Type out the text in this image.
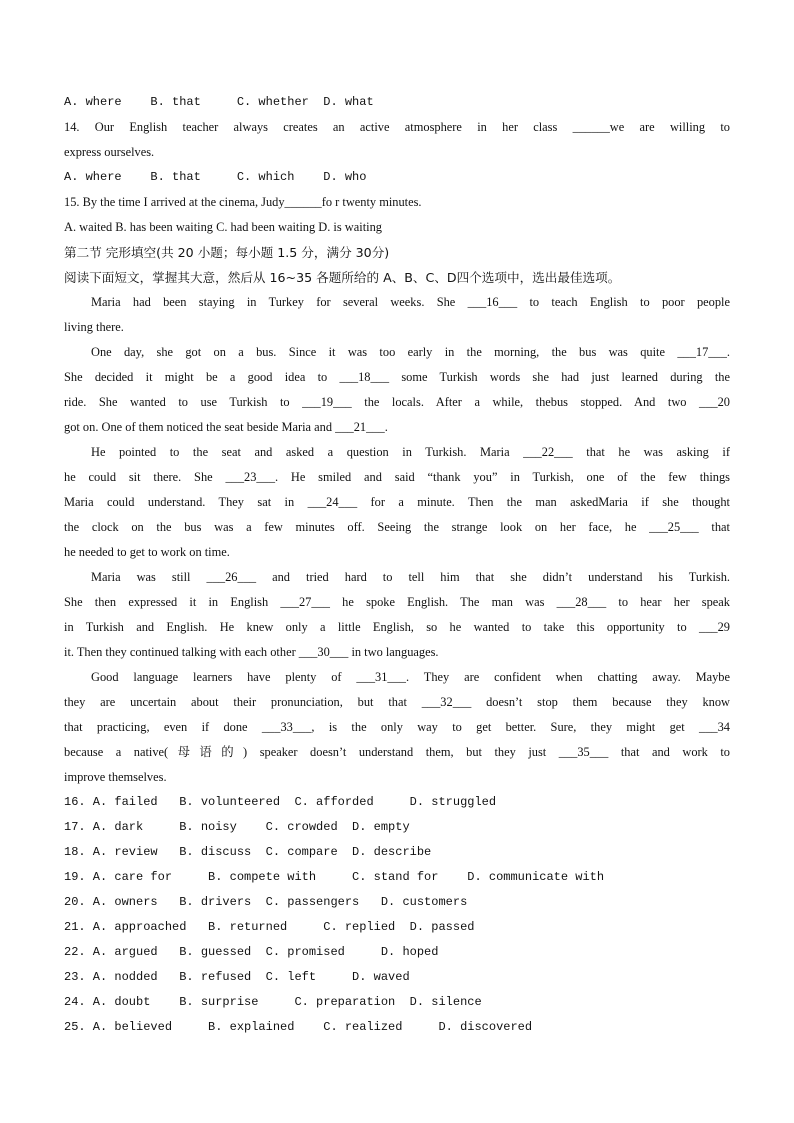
A. where    B. that     C. whether  D. what
14. Our English teacher always creates an active atmosphere in her class ______we are willing to
express ourselves.
A. where    B. that     C. which    D. who
15. By the time I arrived at the cinema, Judy______fo r twenty minutes.
A. waited B. has been waiting C. had been waiting D. is waiting
第二节 完形填空(共 20 小题；每小题 1.5 分，满分 30分)
阅读下面短文，掌握其大意，然后从 16~35 各题所给的 A、B、C、D四个选项中，选出最佳选项。
Maria had been staying in Turkey for several weeks. She ___16___ to teach English to poor people
living there.
One day, she got on a bus. Since it was too early in the morning, the bus was quite ___17___.
She decided it might be a good idea to ___18___ some Turkish words she had just learned during the
ride. She wanted to use Turkish to ___19___ the locals. After a while, thebus stopped. And two ___20
got on. One of them noticed the seat beside Maria and ___21___.
He pointed to the seat and asked a question in Turkish. Maria ___22___ that he was asking if
he could sit there. She ___23___. He smiled and said “thank you” in Turkish, one of the few things
Maria could understand. They sat in ___24___ for a minute. Then the man askedMaria if she thought
the clock on the bus was a few minutes off. Seeing the strange look on her face, he ___25___ that
he needed to get to work on time.
Maria was still ___26___ and tried hard to tell him that she didn’t understand his Turkish.
She then expressed it in English ___27___ he spoke English. The man was ___28___ to hear her speak
in Turkish and English. He knew only a little English, so he wanted to take this opportunity to ___29
it. Then they continued talking with each other ___30___ in two languages.
Good language learners have plenty of ___31___. They are confident when chatting away. Maybe
they are uncertain about their pronunciation, but that ___32___ doesn’t stop them because they know
that practicing, even if done ___33___, is the only way to get better. Sure, they might get ___34
because a native(母语的) speaker doesn’t understand them, but they just ___35___ that and work to
improve themselves.
16. A. failed   B. volunteered  C. afforded     D. struggled
17. A. dark     B. noisy    C. crowded  D. empty
18. A. review   B. discuss  C. compare  D. describe
19. A. care for     B. compete with     C. stand for    D. communicate with
20. A. owners   B. drivers  C. passengers   D. customers
21. A. approached   B. returned     C. replied  D. passed
22. A. argued   B. guessed  C. promised     D. hoped
23. A. nodded   B. refused  C. left     D. waved
24. A. doubt    B. surprise     C. preparation  D. silence
25. A. believed     B. explained    C. realized     D. discovered
